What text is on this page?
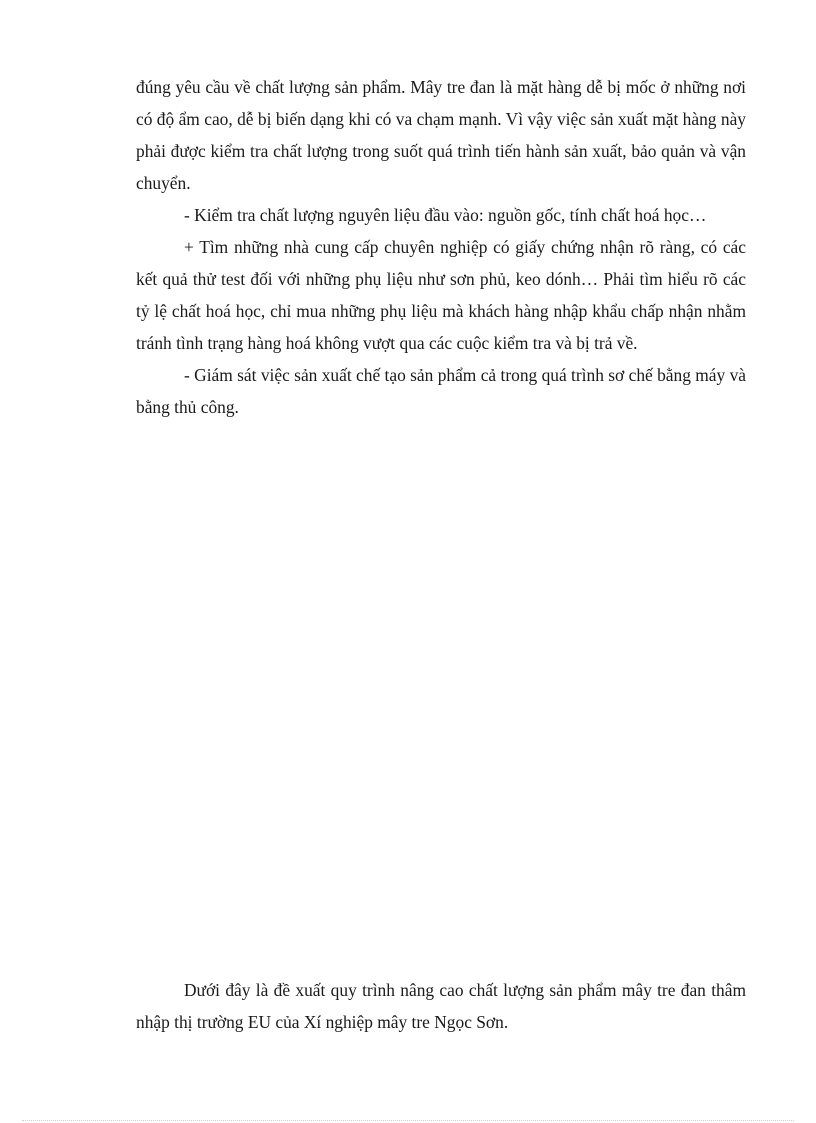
đúng yêu cầu về chất lượng sản phẩm. Mây tre đan là mặt hàng dễ bị mốc ở những nơi có độ ẩm cao, dễ bị biến dạng khi có va chạm mạnh. Vì vậy việc sản xuất mặt hàng này phải được kiểm tra chất lượng trong suốt quá trình tiến hành sản xuất, bảo quản và vận chuyển.

- Kiểm tra chất lượng nguyên liệu đầu vào: nguồn gốc, tính chất hoá học…

+ Tìm những nhà cung cấp chuyên nghiệp có giấy chứng nhận rõ ràng, có các kết quả thử test đối với những phụ liệu như sơn phủ, keo dónh… Phải tìm hiểu rõ các tỷ lệ chất hoá học, chỉ mua những phụ liệu mà khách hàng nhập khẩu chấp nhận nhằm tránh tình trạng hàng hoá không vượt qua các cuộc kiểm tra và bị trả về.

- Giám sát việc sản xuất chế tạo sản phẩm cả trong quá trình sơ chế bằng máy và bằng thủ công.

Dưới đây là đề xuất quy trình nâng cao chất lượng sản phẩm mây tre đan thâm nhập thị trường EU của Xí nghiệp mây tre Ngọc Sơn.
